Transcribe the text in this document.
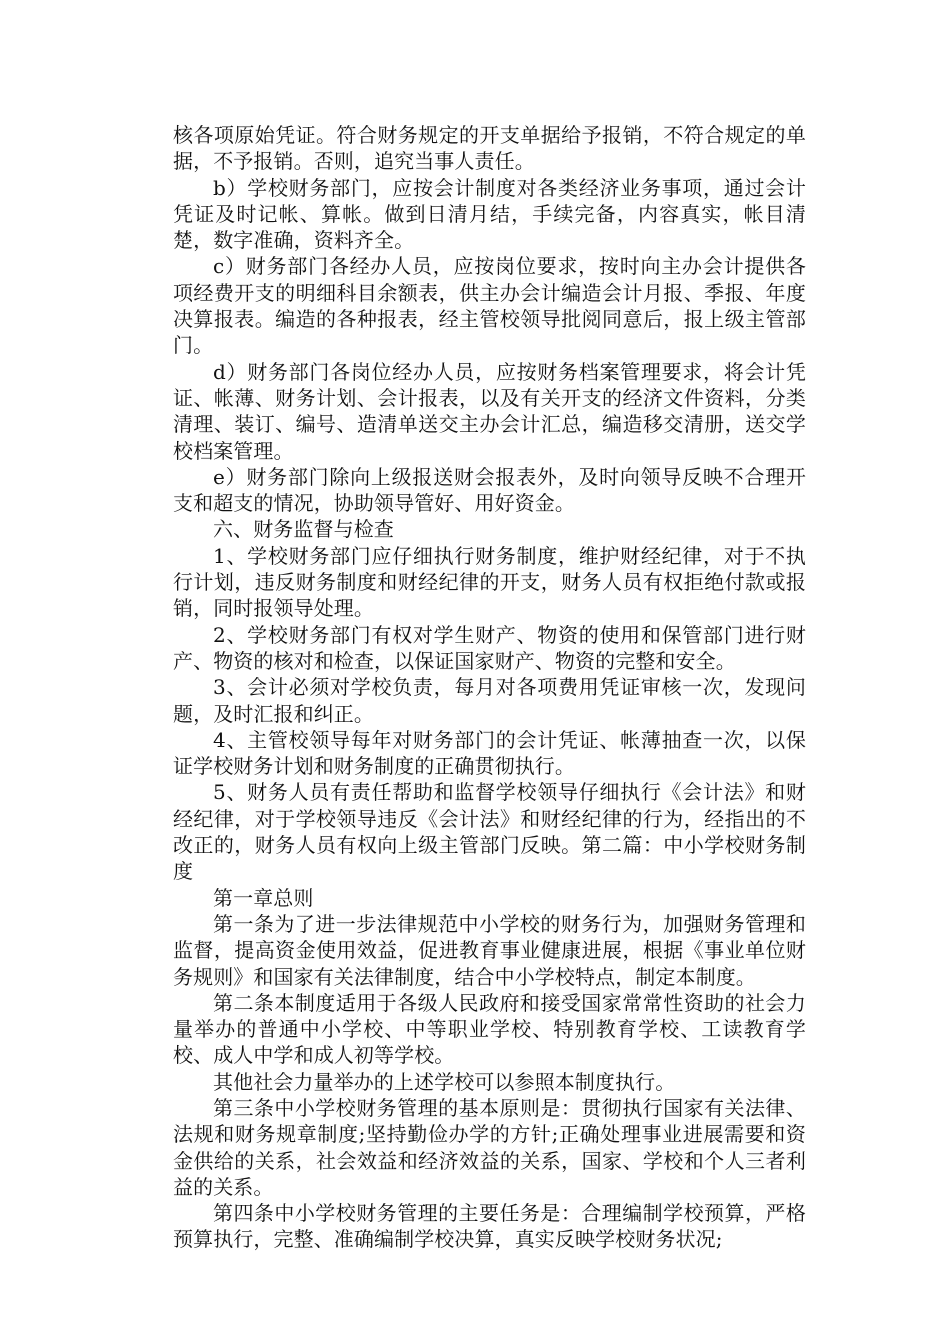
核各项原始凭证。符合财务规定的开支单据给予报销，不符合规定的单据，不予报销。否则，追究当事人责任。

b）学校财务部门，应按会计制度对各类经济业务事项，通过会计凭证及时记帐、算帐。做到日清月结，手续完备，内容真实，帐目清楚，数字准确，资料齐全。

c）财务部门各经办人员，应按岗位要求，按时向主办会计提供各项经费开支的明细科目余额表，供主办会计编造会计月报、季报、年度决算报表。编造的各种报表，经主管校领导批阅同意后，报上级主管部门。

d）财务部门各岗位经办人员，应按财务档案管理要求，将会计凭证、帐薄、财务计划、会计报表，以及有关开支的经济文件资料，分类清理、装订、编号、造清单送交主办会计汇总，编造移交清册，送交学校档案管理。

e）财务部门除向上级报送财会报表外，及时向领导反映不合理开支和超支的情况，协助领导管好、用好资金。

六、财务监督与检查

1、学校财务部门应仔细执行财务制度，维护财经纪律，对于不执行计划，违反财务制度和财经纪律的开支，财务人员有权拒绝付款或报销，同时报领导处理。

2、学校财务部门有权对学生财产、物资的使用和保管部门进行财产、物资的核对和检查，以保证国家财产、物资的完整和安全。

3、会计必须对学校负责，每月对各项费用凭证审核一次，发现问题，及时汇报和纠正。

4、主管校领导每年对财务部门的会计凭证、帐薄抽查一次，以保证学校财务计划和财务制度的正确贯彻执行。

5、财务人员有责任帮助和监督学校领导仔细执行《会计法》和财经纪律，对于学校领导违反《会计法》和财经纪律的行为，经指出的不改正的，财务人员有权向上级主管部门反映。第二篇：中小学校财务制度

第一章总则

第一条为了进一步法律规范中小学校的财务行为，加强财务管理和监督，提高资金使用效益，促进教育事业健康进展，根据《事业单位财务规则》和国家有关法律制度，结合中小学校特点，制定本制度。

第二条本制度适用于各级人民政府和接受国家常常性资助的社会力量举办的普通中小学校、中等职业学校、特别教育学校、工读教育学校、成人中学和成人初等学校。

其他社会力量举办的上述学校可以参照本制度执行。

第三条中小学校财务管理的基本原则是：贯彻执行国家有关法律、法规和财务规章制度;坚持勤俭办学的方针;正确处理事业进展需要和资金供给的关系，社会效益和经济效益的关系，国家、学校和个人三者利益的关系。

第四条中小学校财务管理的主要任务是：合理编制学校预算，严格预算执行，完整、准确编制学校决算，真实反映学校财务状况;
